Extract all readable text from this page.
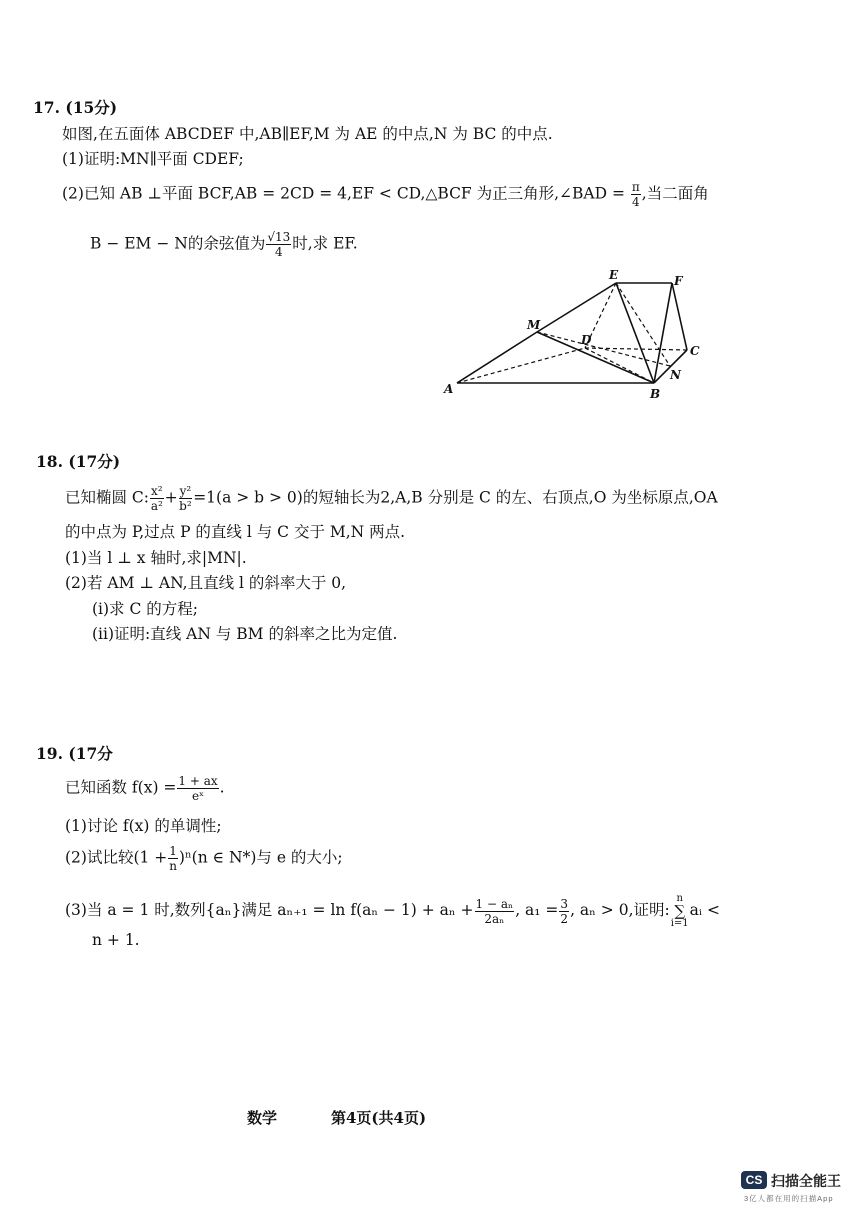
17. (15分)
如图,在五面体 ABCDEF 中,AB∥EF,M 为 AE 的中点,N 为 BC 的中点.
(1)证明:MN∥平面 CDEF;
(2)已知 AB ⊥平面 BCF,AB = 2CD = 4,EF < CD,△BCF 为正三角形,∠BAD = $\frac{\pi}{4}$ ,当二面角
B − EM − N的余弦值为 $\frac{√13}{4}$ 时,求 EF.
A	B
C
D
E	F
M
N
18. (17分)
已知椭圆 C: $\frac{\text{x²}}{\text{a²}} + \frac{\text{y²}}{\text{b²}} =1(a > b > 0)$的短轴长为2,A,B 分别是 C 的左、右顶点,O 为坐标原点,OA
的中点为 P,过点 P 的直线 l 与 C 交于 M,N 两点.
(1)当 l ⊥ x 轴时,求|MN|.
(2)若 AM ⊥ AN,且直线 l 的斜率大于 0,
(i)求 C 的方程;
(ii)证明:直线 AN 与 BM 的斜率之比为定值.
19. (17分
已知函数 $f(x) = \frac{1 + ax}{\text{eˣ}}$ .
(1)讨论 f(x) 的单调性;
(2)试比较$(1 + \frac{1}{n} )^n(n$ ∈ N*)与 e 的大小;
(3)当 a = 1 时,数列{aₙ}满足 $a_{n+1} = \ln f(a_n - 1) + a_n + \frac{\text{1 − aₙ}}{\text{2aₙ}}$ , $a_1 = \frac{3}{2}$ , aₙ > 0,证明:
n
∑
i=1
aᵢ <
n + 1.
数学	第4页(共4页)
CS 扫描全能王
3亿人都在用的扫描App
